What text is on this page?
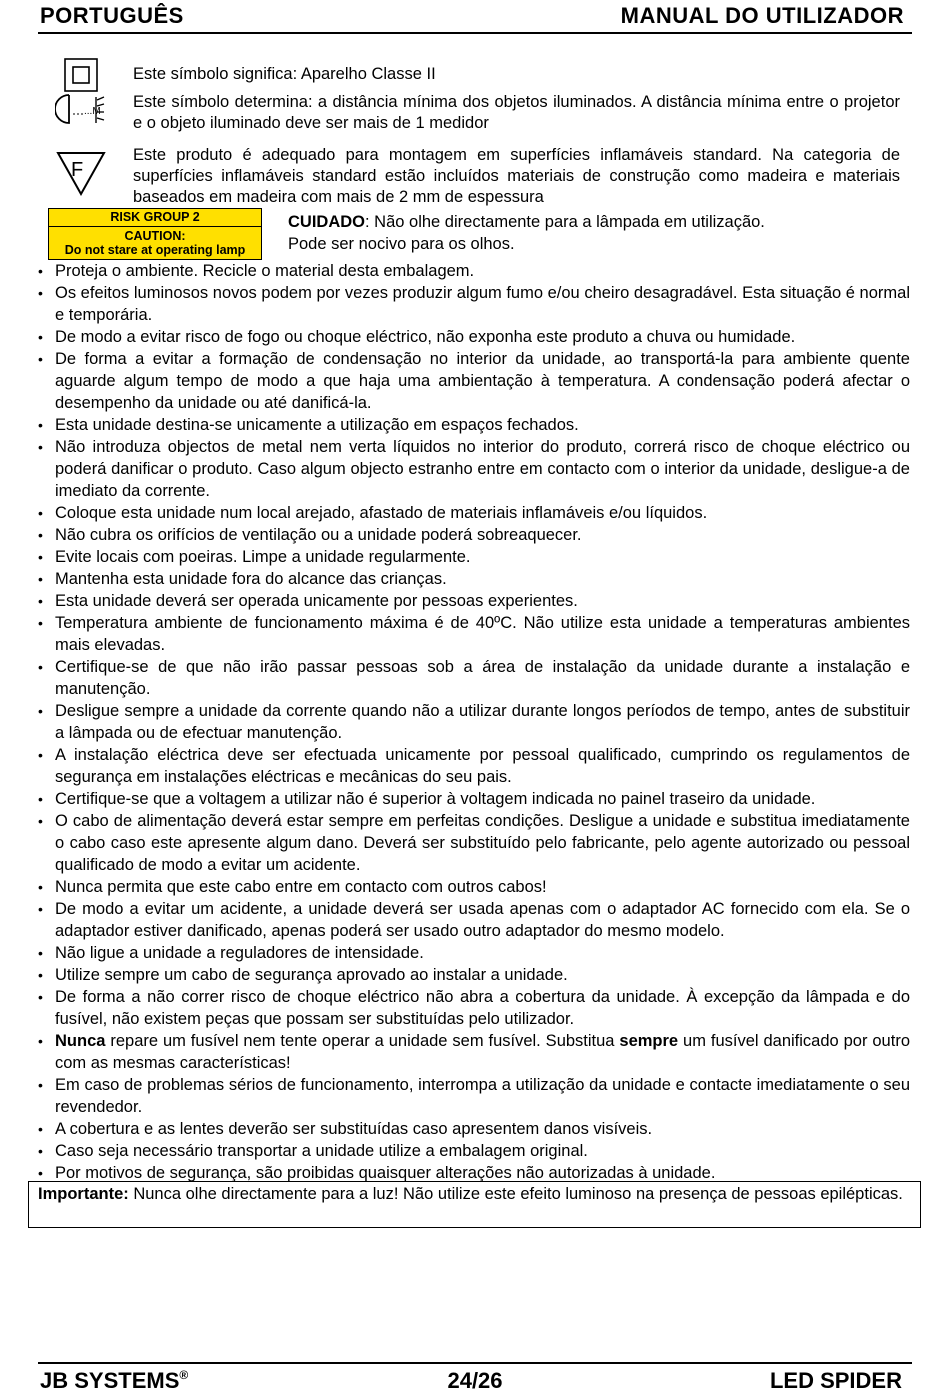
PORTUGUÊS	MANUAL DO UTILIZADOR
Este símbolo significa: Aparelho Classe II
...M
Este símbolo determina: a distância mínima dos objetos iluminados. A distância mínima entre o projetor e o objeto iluminado deve ser mais de 1 medidor
F
Este produto é adequado para montagem em superfícies inflamáveis standard. Na categoria de superfícies inflamáveis standard estão incluídos materiais de construção como madeira e materiais baseados em madeira com mais de 2 mm de espessura
RISK GROUP 2
CAUTION:
Do not stare at operating lamp
CUIDADO: Não olhe directamente para a lâmpada em utilização.
Pode ser nocivo para os olhos.
• Proteja o ambiente. Recicle o material desta embalagem.
• Os efeitos luminosos novos podem por vezes produzir algum fumo e/ou cheiro desagradável. Esta situação é normal e temporária.
• De modo a evitar risco de fogo ou choque eléctrico, não exponha este produto a chuva ou humidade.
• De forma a evitar a formação de condensação no interior da unidade, ao transportá-la para ambiente quente aguarde algum tempo de modo a que haja uma ambientação à temperatura. A condensação poderá afectar o desempenho da unidade ou até danificá-la.
• Esta unidade destina-se unicamente a utilização em espaços fechados.
• Não introduza objectos de metal nem verta líquidos no interior do produto, correrá risco de choque eléctrico ou poderá danificar o produto. Caso algum objecto estranho entre em contacto com o interior da unidade, desligue-a de imediato da corrente.
• Coloque esta unidade num local arejado, afastado de materiais inflamáveis e/ou líquidos.
• Não cubra os orifícios de ventilação ou a unidade poderá sobreaquecer.
• Evite locais com poeiras. Limpe a unidade regularmente.
• Mantenha esta unidade fora do alcance das crianças.
• Esta unidade deverá ser operada unicamente por pessoas experientes.
• Temperatura ambiente de funcionamento máxima é de 40ºC. Não utilize esta unidade a temperaturas ambientes mais elevadas.
• Certifique-se de que não irão passar pessoas sob a área de instalação da unidade durante a instalação e manutenção.
• Desligue sempre a unidade da corrente quando não a utilizar durante longos períodos de tempo, antes de substituir a lâmpada ou de efectuar manutenção.
• A instalação eléctrica deve ser efectuada unicamente por pessoal qualificado, cumprindo os regulamentos de segurança em instalações eléctricas e mecânicas do seu pais.
• Certifique-se que a voltagem a utilizar não é superior à voltagem indicada no painel traseiro da unidade.
• O cabo de alimentação deverá estar sempre em perfeitas condições. Desligue a unidade e substitua imediatamente o cabo caso este apresente algum dano. Deverá ser substituído pelo fabricante, pelo agente autorizado ou pessoal qualificado de modo a evitar um acidente.
• Nunca permita que este cabo entre em contacto com outros cabos!
• De modo a evitar um acidente, a unidade deverá ser usada apenas com o adaptador AC fornecido com ela. Se o adaptador estiver danificado, apenas poderá ser usado outro adaptador do mesmo modelo.
• Não ligue a unidade a reguladores de intensidade.
• Utilize sempre um cabo de segurança aprovado ao instalar a unidade.
• De forma a não correr risco de choque eléctrico não abra a cobertura da unidade. À excepção da lâmpada e do fusível, não existem peças que possam ser substituídas pelo utilizador.
• Nunca repare um fusível nem tente operar a unidade sem fusível. Substitua sempre um fusível danificado por outro com as mesmas características!
• Em caso de problemas sérios de funcionamento, interrompa a utilização da unidade e contacte imediatamente o seu revendedor.
• A cobertura e as lentes deverão ser substituídas caso apresentem danos visíveis.
• Caso seja necessário transportar a unidade utilize a embalagem original.
• Por motivos de segurança, são proibidas quaisquer alterações não autorizadas à unidade.
Importante: Nunca olhe directamente para a luz! Não utilize este efeito luminoso na presença de pessoas epilépticas.
JB SYSTEMS®	24/26	LED SPIDER
